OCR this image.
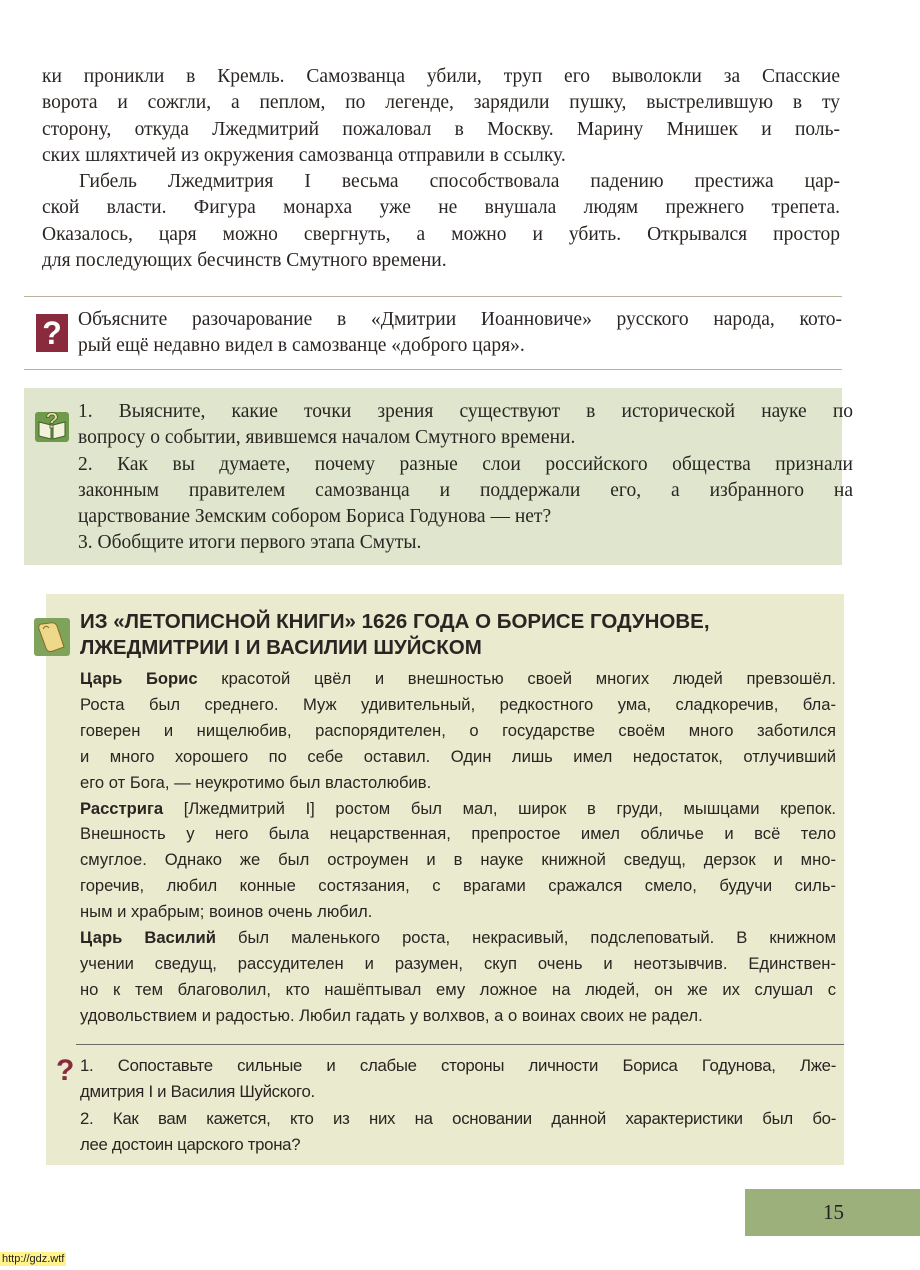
ки проникли в Кремль. Самозванца убили, труп его выволокли за Спасские
ворота и сожгли, а пеплом, по легенде, зарядили пушку, выстрелившую в ту
сторону, откуда Лжедмитрий пожаловал в Москву. Марину Мнишек и поль-
ских шляхтичей из окружения самозванца отправили в ссылку.
Гибель Лжедмитрия I весьма способствовала падению престижа цар-
ской власти. Фигура монарха уже не внушала людям прежнего трепета.
Оказалось, царя можно свергнуть, а можно и убить. Открывался простор
для последующих бесчинств Смутного времени.
? Объясните разочарование в «Дмитрии Иоанновиче» русского народа, кото-
рый ещё недавно видел в самозванце «доброго царя».
? 1. Выясните, какие точки зрения существуют в исторической науке по
вопросу о событии, явившемся началом Смутного времени.
2. Как вы думаете, почему разные слои российского общества признали
законным правителем самозванца и поддержали его, а избранного на
царствование Земским собором Бориса Годунова — нет?
3. Обобщите итоги первого этапа Смуты.
ИЗ «ЛЕТОПИСНОЙ КНИГИ» 1626 ГОДА О БОРИСЕ ГОДУНОВЕ,
ЛЖЕДМИТРИИ I И ВАСИЛИИ ШУЙСКОМ
Царь Борис красотой цвёл и внешностью своей многих людей превзошёл.
Роста был среднего. Муж удивительный, редкостного ума, сладкоречив, бла-
говерен и нищелюбив, распорядителен, о государстве своём много заботился
и много хорошего по себе оставил. Один лишь имел недостаток, отлучивший
его от Бога, — неукротимо был властолюбив.
Расстрига [Лжедмитрий I] ростом был мал, широк в груди, мышцами крепок.
Внешность у него была нецарственная, препростое имел обличье и всё тело
смуглое. Однако же был остроумен и в науке книжной сведущ, дерзок и мно-
горечив, любил конные состязания, с врагами сражался смело, будучи силь-
ным и храбрым; воинов очень любил.
Царь Василий был маленького роста, некрасивый, подслеповатый. В книжном
учении сведущ, рассудителен и разумен, скуп очень и неотзывчив. Единствен-
но к тем благоволил, кто нашёптывал ему ложное на людей, он же их слушал с
удовольствием и радостью. Любил гадать у волхвов, а о воинах своих не радел.
? 1. Сопоставьте сильные и слабые стороны личности Бориса Годунова, Лже-
дмитрия I и Василия Шуйского.
2. Как вам кажется, кто из них на основании данной характеристики был бо-
лее достоин царского трона?
15
http://gdz.wtf
